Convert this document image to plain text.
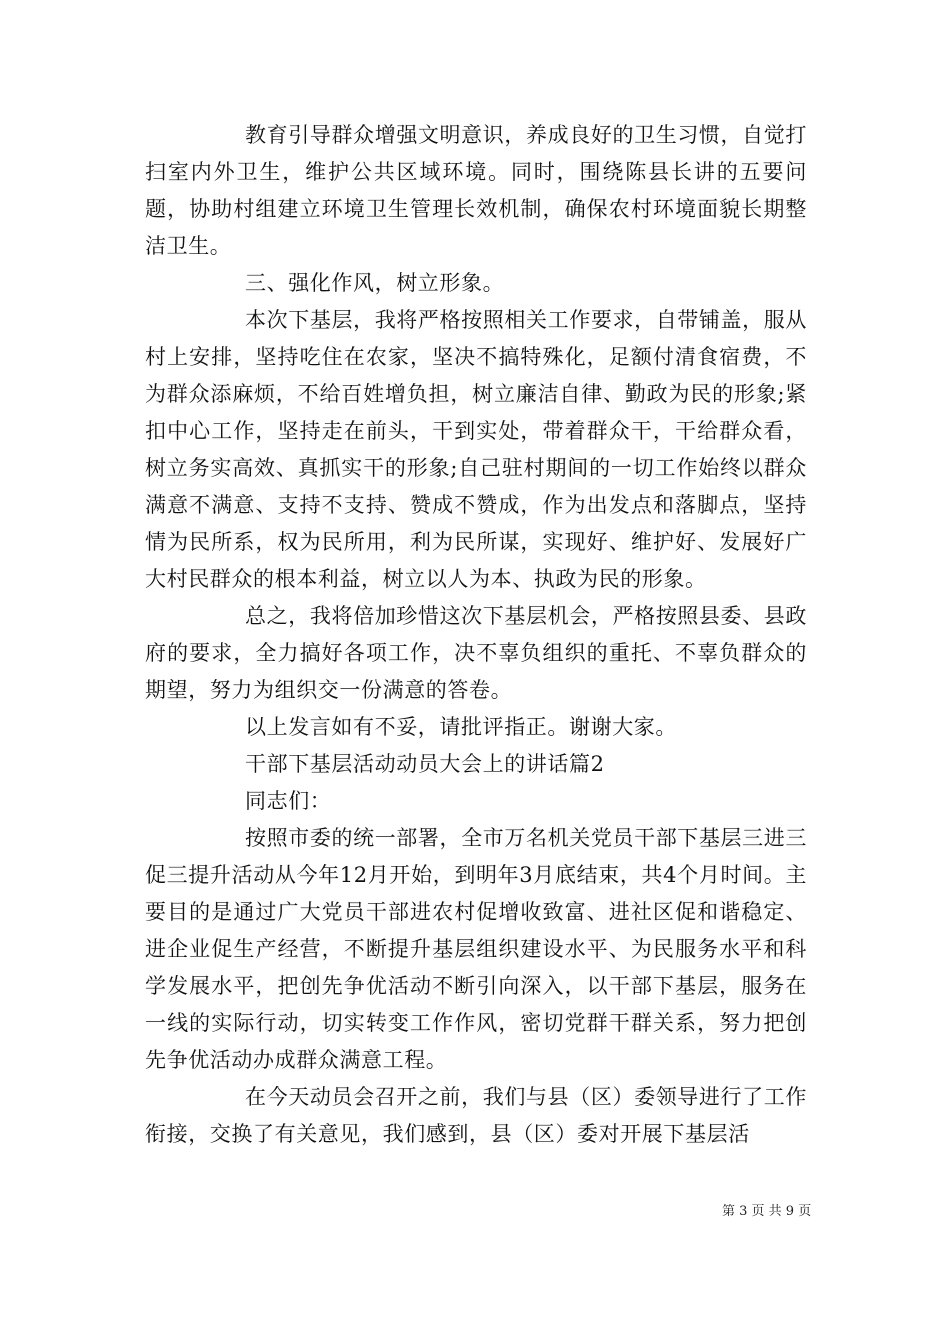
教育引导群众增强文明意识，养成良好的卫生习惯，自觉打扫室内外卫生，维护公共区域环境。同时，围绕陈县长讲的五要问题，协助村组建立环境卫生管理长效机制，确保农村环境面貌长期整洁卫生。

三、强化作风，树立形象。

本次下基层，我将严格按照相关工作要求，自带铺盖，服从村上安排，坚持吃住在农家，坚决不搞特殊化，足额付清食宿费，不为群众添麻烦，不给百姓增负担，树立廉洁自律、勤政为民的形象;紧扣中心工作，坚持走在前头，干到实处，带着群众干，干给群众看，树立务实高效、真抓实干的形象;自己驻村期间的一切工作始终以群众满意不满意、支持不支持、赞成不赞成，作为出发点和落脚点，坚持情为民所系，权为民所用，利为民所谋，实现好、维护好、发展好广大村民群众的根本利益，树立以人为本、执政为民的形象。

总之，我将倍加珍惜这次下基层机会，严格按照县委、县政府的要求，全力搞好各项工作，决不辜负组织的重托、不辜负群众的期望，努力为组织交一份满意的答卷。

以上发言如有不妥，请批评指正。谢谢大家。

干部下基层活动动员大会上的讲话篇2

同志们：

按照市委的统一部署，全市万名机关党员干部下基层三进三促三提升活动从今年12月开始，到明年3月底结束，共4个月时间。主要目的是通过广大党员干部进农村促增收致富、进社区促和谐稳定、进企业促生产经营，不断提升基层组织建设水平、为民服务水平和科学发展水平，把创先争优活动不断引向深入，以干部下基层，服务在一线的实际行动，切实转变工作作风，密切党群干群关系，努力把创先争优活动办成群众满意工程。

在今天动员会召开之前，我们与县（区）委领导进行了工作衔接，交换了有关意见，我们感到，县（区）委对开展下基层活

第 3 页 共 9 页
